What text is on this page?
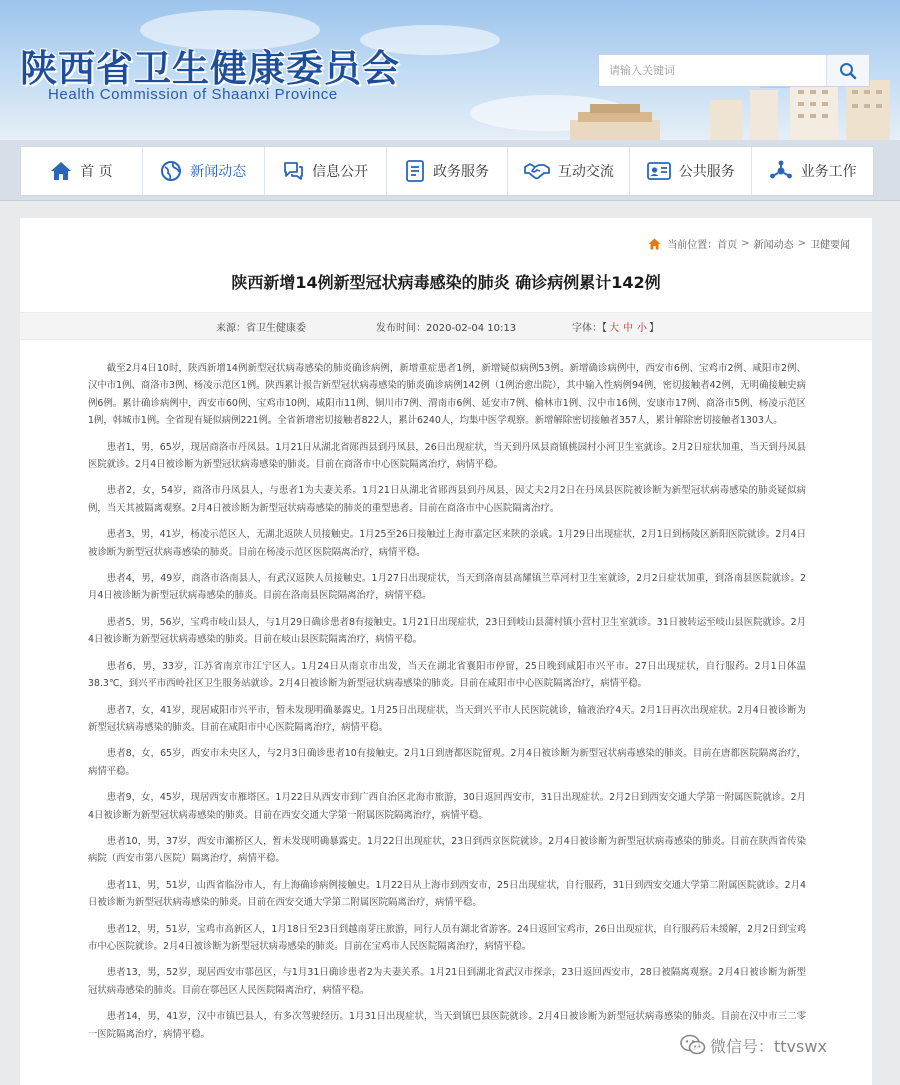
陕西省卫生健康委员会
Health Commission of Shaanxi Province
请输入关键词
首 页	新闻动态	信息公开	政务服务	互动交流	公共服务	业务工作
当前位置： 首页 > 新闻动态 > 卫健要闻
陕西新增14例新型冠状病毒感染的肺炎 确诊病例累计142例
来源：省卫生健康委	发布时间：2020-02-04 10:13	字体：【 大 中 小 】

截至2月4日10时，陕西新增14例新型冠状病毒感染的肺炎确诊病例，新增重症患者1例，新增疑似病例53例。新增确诊病例中，西安市6例、宝鸡市2例、咸阳市2例、汉中市1例、商洛市3例、杨凌示范区1例。陕西累计报告新型冠状病毒感染的肺炎确诊病例142例（1例治愈出院），其中输入性病例94例，密切接触者42例，无明确接触史病例6例。累计确诊病例中，西安市60例、宝鸡市10例、咸阳市11例、铜川市7例、渭南市6例、延安市7例、榆林市1例、汉中市16例、安康市17例、商洛市5例、杨凌示范区1例，韩城市1例。全省现有疑似病例221例。全省新增密切接触者822人，累计6240人，均集中医学观察。新增解除密切接触者357人，累计解除密切接触者1303人。

患者1，男，65岁，现居商洛市丹凤县。1月21日从湖北省郧西县到丹凤县，26日出现症状，当天到丹凤县商镇桃园村小河卫生室就诊。2月2日症状加重，当天到丹凤县医院就诊。2月4日被诊断为新型冠状病毒感染的肺炎。目前在商洛市中心医院隔离治疗，病情平稳。

患者2，女，54岁，商洛市丹凤县人，与患者1为夫妻关系。1月21日从湖北省郧西县到丹凤县，因丈夫2月2日在丹凤县医院被诊断为新型冠状病毒感染的肺炎疑似病例，当天其被隔离观察。2月4日被诊断为新型冠状病毒感染的肺炎的重型患者。目前在商洛市中心医院隔离治疗。

患者3，男，41岁，杨凌示范区人，无湖北返陕人员接触史。1月25至26日接触过上海市嘉定区来陕的亲戚。1月29日出现症状，2月1日到杨陵区新阳医院就诊。2月4日被诊断为新型冠状病毒感染的肺炎。目前在杨凌示范区医院隔离治疗，病情平稳。

患者4，男，49岁，商洛市洛南县人，有武汉返陕人员接触史。1月27日出现症状，当天到洛南县高耀镇兰草河村卫生室就诊，2月2日症状加重，到洛南县医院就诊。2月4日被诊断为新型冠状病毒感染的肺炎。目前在洛南县医院隔离治疗，病情平稳。

患者5，男，56岁，宝鸡市岐山县人，与1月29日确诊患者8有接触史。1月21日出现症状，23日到岐山县蒲村镇小营村卫生室就诊。31日被转运至岐山县医院就诊。2月4日被诊断为新型冠状病毒感染的肺炎。目前在岐山县医院隔离治疗，病情平稳。

患者6，男，33岁，江苏省南京市江宁区人。1月24日从南京市出发，当天在湖北省襄阳市停留，25日晚到咸阳市兴平市。27日出现症状，自行服药。2月1日体温38.3℃，到兴平市西岭社区卫生服务站就诊。2月4日被诊断为新型冠状病毒感染的肺炎。目前在咸阳市中心医院隔离治疗，病情平稳。

患者7，女，41岁，现居咸阳市兴平市，暂未发现明确暴露史。1月25日出现症状，当天到兴平市人民医院就诊，输液治疗4天。2月1日再次出现症状。2月4日被诊断为新型冠状病毒感染的肺炎。目前在咸阳市中心医院隔离治疗，病情平稳。

患者8，女，65岁，西安市未央区人，与2月3日确诊患者10有接触史。2月1日到唐都医院留观。2月4日被诊断为新型冠状病毒感染的肺炎。目前在唐都医院隔离治疗，病情平稳。

患者9，女，45岁，现居西安市雁塔区。1月22日从西安市到广西自治区北海市旅游，30日返回西安市，31日出现症状。2月2日到西安交通大学第一附属医院就诊。2月4日被诊断为新型冠状病毒感染的肺炎。目前在西安交通大学第一附属医院隔离治疗，病情平稳。

患者10，男，37岁，西安市灞桥区人，暂未发现明确暴露史。1月22日出现症状，23日到西京医院就诊。2月4日被诊断为新型冠状病毒感染的肺炎。目前在陕西省传染病院（西安市第八医院）隔离治疗，病情平稳。

患者11，男，51岁，山西省临汾市人，有上海确诊病例接触史。1月22日从上海市到西安市，25日出现症状，自行服药，31日到西安交通大学第二附属医院就诊。2月4日被诊断为新型冠状病毒感染的肺炎。目前在西安交通大学第二附属医院隔离治疗，病情平稳。

患者12，男，51岁，宝鸡市高新区人，1月18日至23日到越南芽庄旅游，同行人员有湖北省游客。24日返回宝鸡市，26日出现症状，自行服药后未缓解，2月2日到宝鸡市中心医院就诊。2月4日被诊断为新型冠状病毒感染的肺炎。目前在宝鸡市人民医院隔离治疗，病情平稳。

患者13，男，52岁，现居西安市鄠邑区，与1月31日确诊患者2为夫妻关系。1月21日到湖北省武汉市探亲，23日返回西安市，28日被隔离观察。2月4日被诊断为新型冠状病毒感染的肺炎。目前在鄠邑区人民医院隔离治疗，病情平稳。

患者14，男，41岁，汉中市镇巴县人，有多次驾驶经历。1月31日出现症状，当天到镇巴县医院就诊。2月4日被诊断为新型冠状病毒感染的肺炎。目前在汉中市三二零一医院隔离治疗，病情平稳。

微信号：ttvswx
